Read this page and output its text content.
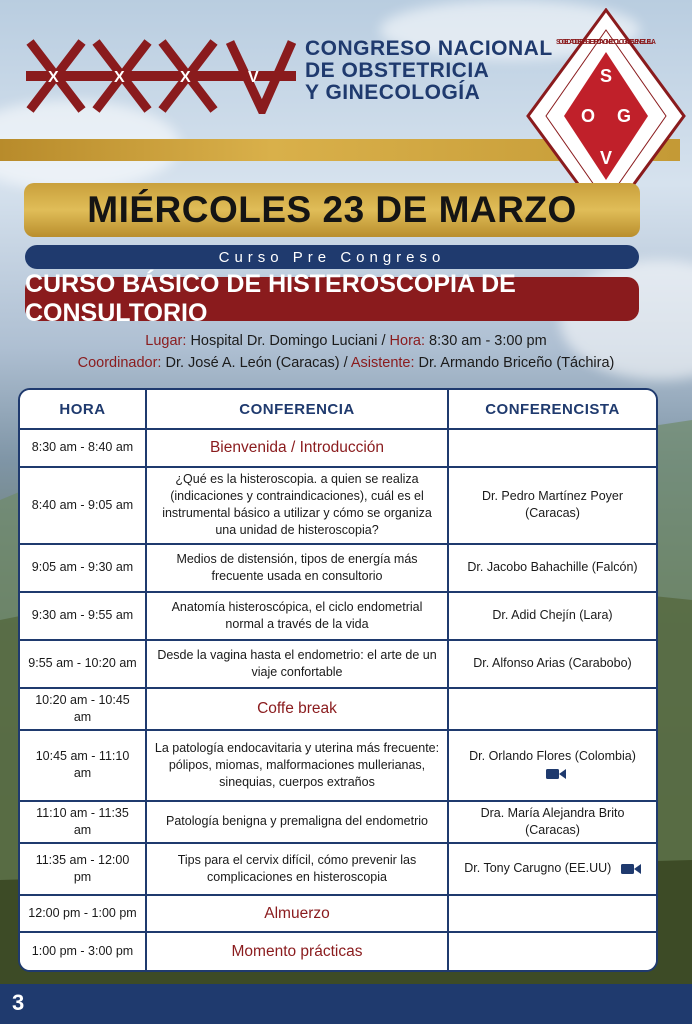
X	X	X	V
CONGRESO NACIONAL
DE OBSTETRICIA
Y GINECOLOGÍA
S
O G
V
SOCIEDAD DE OBSTETRICIA Y GINECOLOGÍA DE VENEZUELA
MIÉRCOLES 23 DE MARZO
Curso Pre Congreso
CURSO BÁSICO DE HISTEROSCOPIA DE CONSULTORIO
Lugar: Hospital Dr. Domingo Luciani / Hora: 8:30 am - 3:00 pm
Coordinador: Dr. José A. León (Caracas) / Asistente: Dr. Armando Briceño (Táchira)
HORA	CONFERENCIA	CONFERENCISTA
8:30 am - 8:40 am	Bienvenida / Introducción	
8:40 am - 9:05 am	¿Qué es la histeroscopia. a quien se realiza (indicaciones y contraindicaciones), cuál es el instrumental básico a utilizar y cómo se organiza una unidad de histeroscopia?	Dr. Pedro Martínez Poyer (Caracas)
9:05 am - 9:30 am	Medios de distensión, tipos de energía más frecuente usada en consultorio	Dr. Jacobo Bahachille (Falcón)
9:30 am - 9:55 am	Anatomía histeroscópica, el ciclo endometrial normal a través de la vida	Dr. Adid Chejín (Lara)
9:55 am - 10:20 am	Desde la vagina hasta el endometrio: el arte de un viaje confortable	Dr. Alfonso Arias (Carabobo)
10:20 am - 10:45 am	Coffe break	
10:45 am - 11:10 am	La patología endocavitaria y uterina más frecuente: pólipos, miomas, malformaciones mullerianas, sinequias, cuerpos extraños	Dr. Orlando Flores (Colombia)
11:10 am - 11:35 am	Patología benigna y premaligna del endometrio	Dra. María Alejandra Brito (Caracas)
11:35 am - 12:00 pm	Tips para el cervix difícil, cómo prevenir las complicaciones en histeroscopia	Dr. Tony Carugno (EE.UU)
12:00 pm - 1:00 pm	Almuerzo	
1:00 pm - 3:00 pm	Momento prácticas	
3
